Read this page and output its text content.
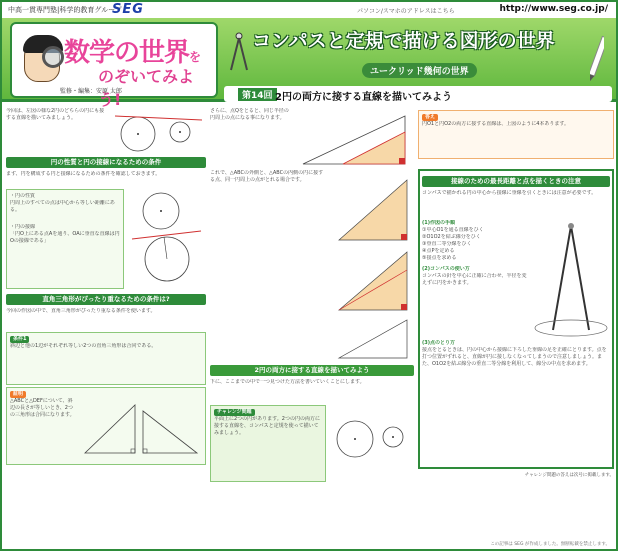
中高一貫専門塾|科学的教育グループ
SEG	パソコン/スマホのアドレスはこちら	http://www.seg.co.jp/
数学の世界を
のぞいてみよう!
監修・編集：安原 太郎
コンパスと定規で描ける図形の世界
ユークリッド幾何の世界
第14回 2円の両方に接する直線を描いてみよう
今回は、左図の様な2円のどちらの円にも接する直線を描いてみましょう。
円の性質と円の接線になるための条件
まず、円を構成する円と接線になるための条件を確認しておきます。
・円の性質
円周上のすべての点は中心から等しい距離にある。
・円の接線
「円O上にある点Aを通り、OAに垂直な直線は円Oの接線である」
直角三角形がぴったり重なるための条件は?
今回の作図の中で、直角三角形がぴったり重なる条件を使います。
条件1
斜辺と他の1辺がそれぞれ等しい2つの直角三角形は合同である。
証明
△ABCと△DEFについて、斜辺の長さが等しいとき、2つの三角形は合同になります。
さらに、点Qをとると、同じ半径の円周上の点になる事になります。
これで、△ABCの外側と、△ABCの内側の円に接する点、同一円周上の点がとれる場合です。
2円の両方に接する直線を描いてみよう
下に、ここまでの中で一つ見つけた方法を書いていくことにします。
チャレンジ問題
平面上に2つの円があります。2つの円の両方に接する直線を、コンパスと定規を使って描いてみましょう。
答え
円O1と円O2の両方に接する直線は、上図のように4本あります。
接線のための最長距離と点を描くときの注意
コンパスで描かれる円の中心から接線に垂線を引くときには注意が必要です。
(1)作図の手順
①中心O1を通る直線をひく
②O1O2を結ぶ線分をひく
③垂直二等分線をひく
④点Pを定める
⑤接点を求める
(2)コンパスの使い方
コンパスの針を中心に正確に合わせ、半径を変えずに円をかきます。
(3)点のとり方
接点をとるときは、円の中心から接線に下ろした垂線の足を正確にとります。点を打つ位置がずれると、直線が円に接しなくなってしまうので注意しましょう。また、O1O2を結ぶ線分の垂直二等分線を利用して、線分の中点を求めます。
チャレンジ問題の答えは次号に掲載します。
この記事は SEG が作成しました。無断転載を禁止します。
